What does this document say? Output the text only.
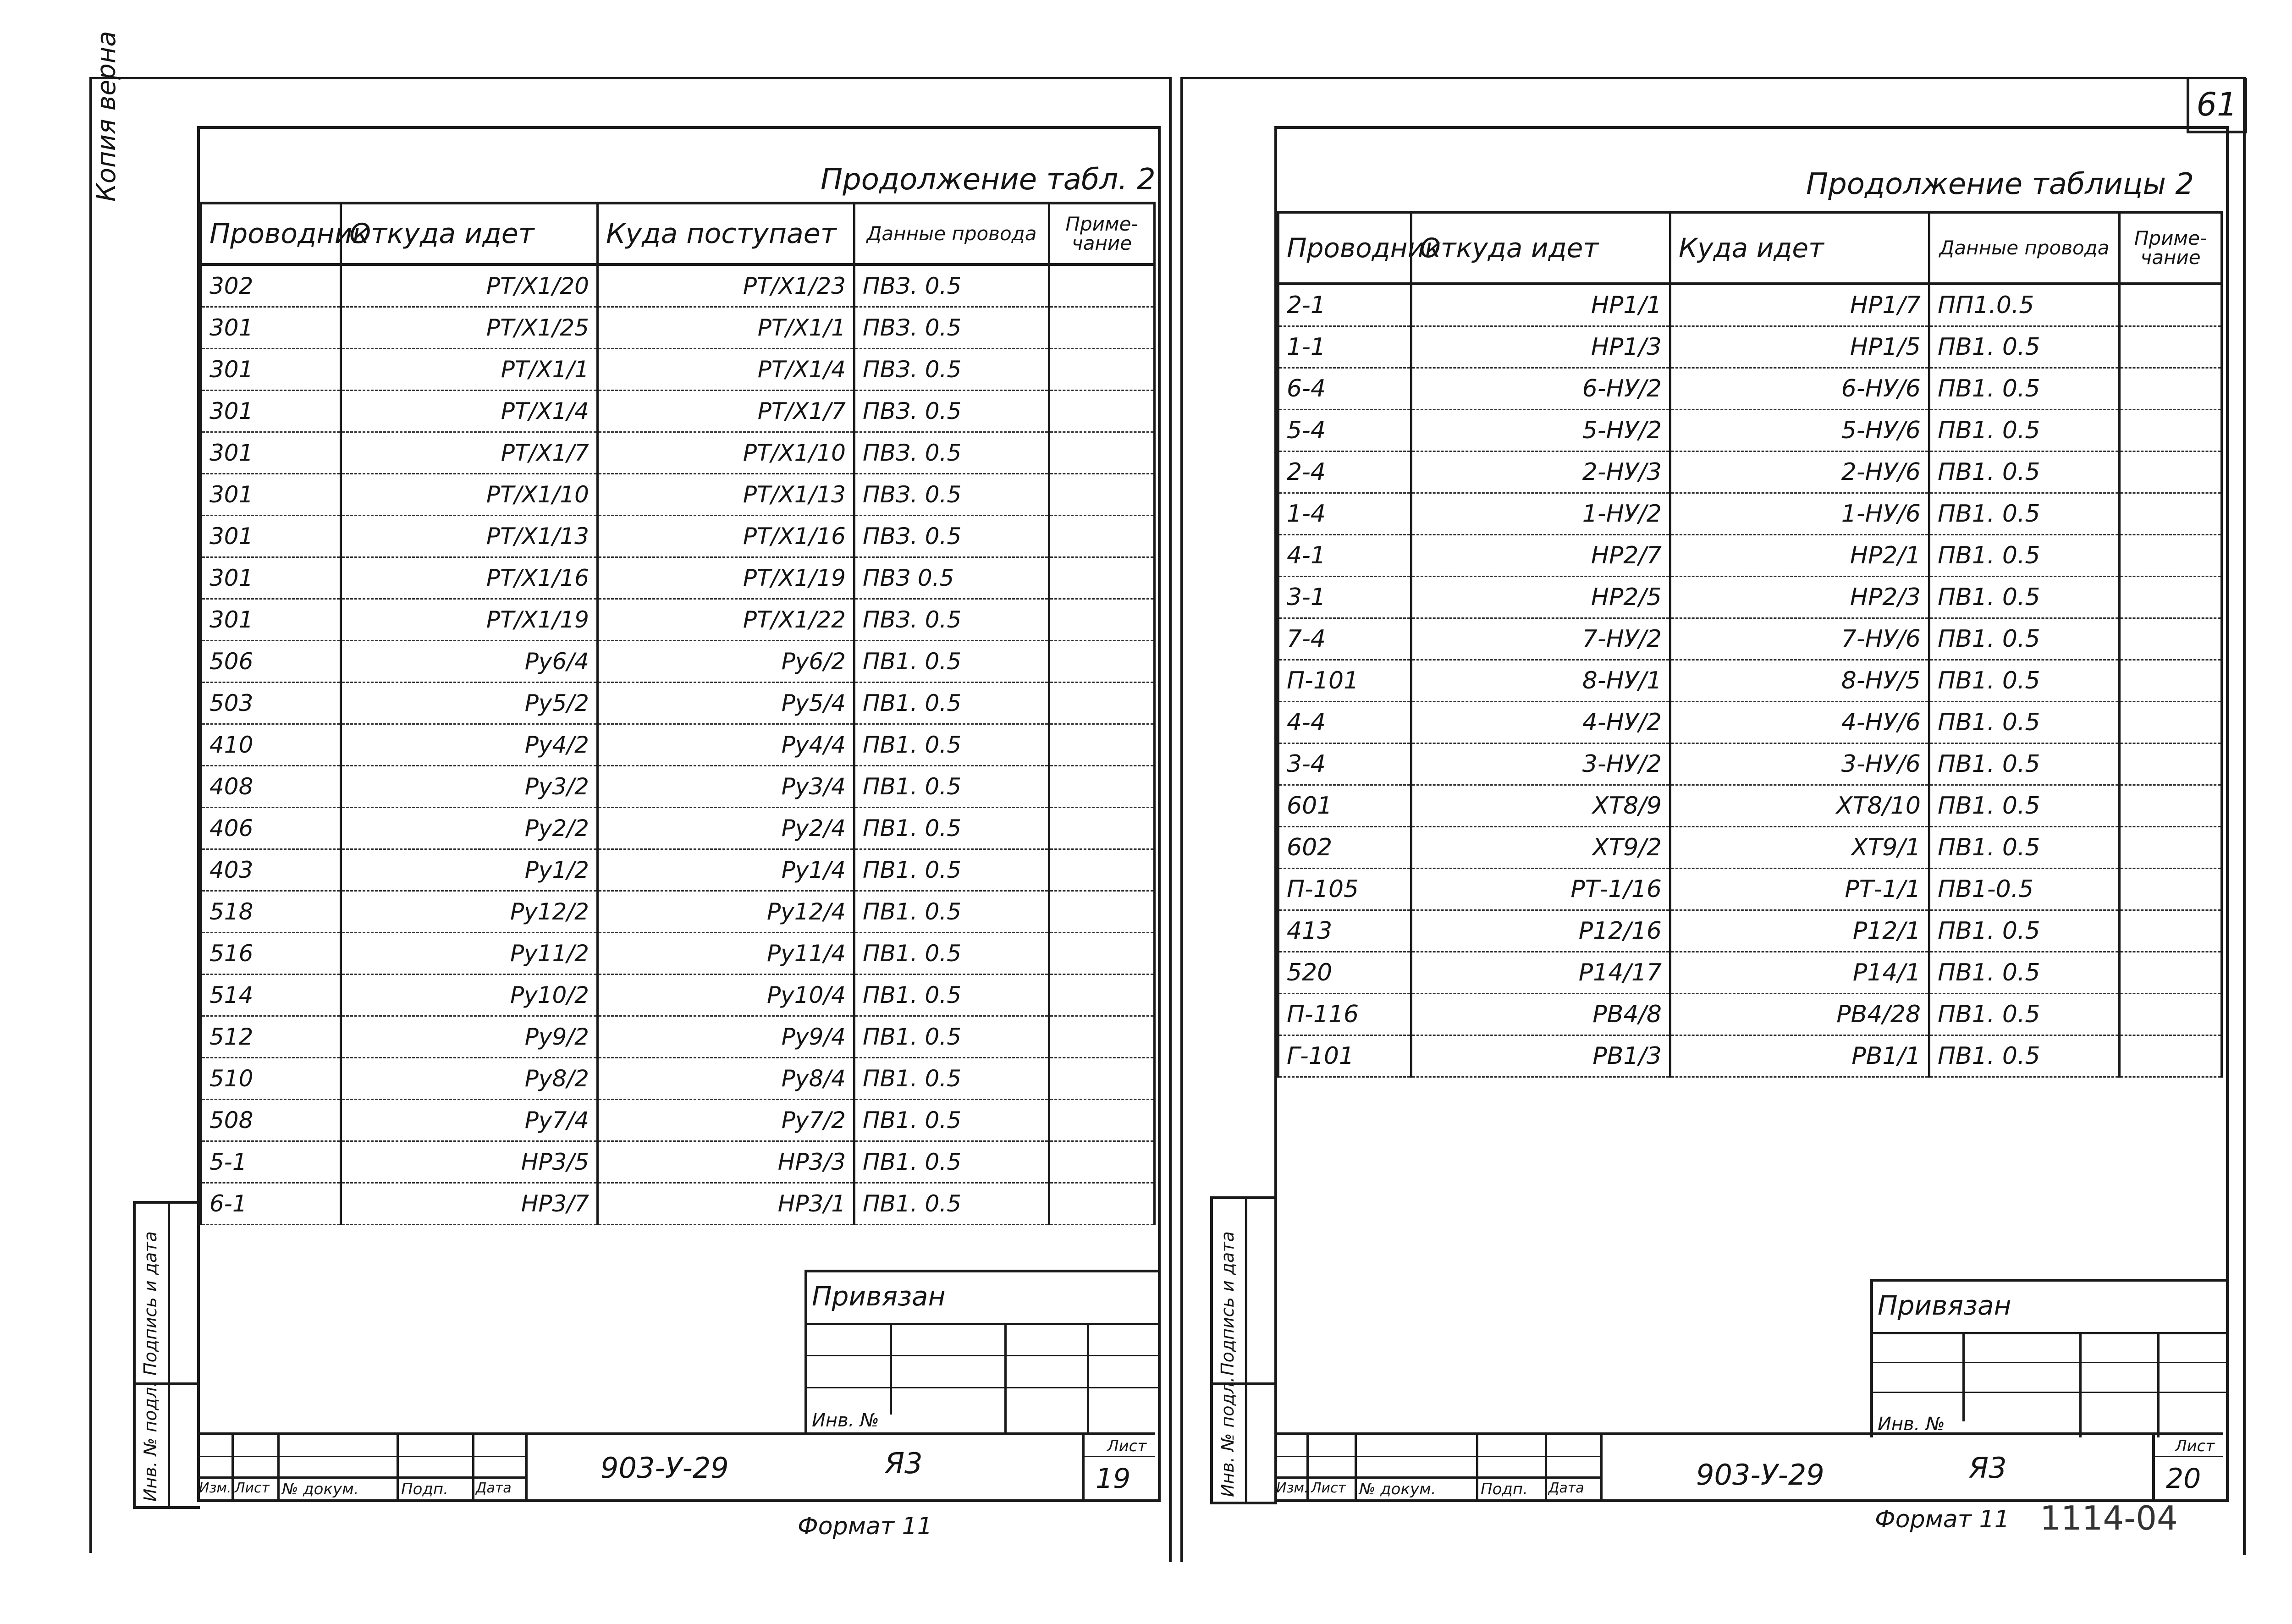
Копия верна	61
Продолжение табл. 2
Проводник	Откуда идет	Куда поступает	Данные провода	Приме-чание
302	РТ/Х1/20	РТ/Х1/23	ПВЗ. 0.5	
301	РТ/Х1/25	РТ/Х1/1	ПВЗ. 0.5	
301	РТ/Х1/1	РТ/Х1/4	ПВЗ. 0.5	
301	РТ/Х1/4	РТ/Х1/7	ПВЗ. 0.5	
301	РТ/Х1/7	РТ/Х1/10	ПВЗ. 0.5	
301	РТ/Х1/10	РТ/Х1/13	ПВЗ. 0.5	
301	РТ/Х1/13	РТ/Х1/16	ПВЗ. 0.5	
301	РТ/Х1/16	РТ/Х1/19	ПВЗ 0.5	
301	РТ/Х1/19	РТ/Х1/22	ПВЗ. 0.5	
506	Ру6/4	Ру6/2	ПВ1. 0.5	
503	Ру5/2	Ру5/4	ПВ1. 0.5	
410	Ру4/2	Ру4/4	ПВ1. 0.5	
408	Ру3/2	Ру3/4	ПВ1. 0.5	
406	Ру2/2	Ру2/4	ПВ1. 0.5	
403	Ру1/2	Ру1/4	ПВ1. 0.5	
518	Ру12/2	Ру12/4	ПВ1. 0.5	
516	Ру11/2	Ру11/4	ПВ1. 0.5	
514	Ру10/2	Ру10/4	ПВ1. 0.5	
512	Ру9/2	Ру9/4	ПВ1. 0.5	
510	Ру8/2	Ру8/4	ПВ1. 0.5	
508	Ру7/4	Ру7/2	ПВ1. 0.5	
5-1	НР3/5	НР3/3	ПВ1. 0.5	
6-1	НР3/7	НР3/1	ПВ1. 0.5	
Привязан
Инв. №
Инв. № подл.
Подпись и дата
Изм. Лист № докум.	Подп. Дата
903-У-29	Я3
Лист
19
Формат 11
Продолжение таблицы 2
Проводник	Откуда идет	Куда идет	Данные провода	Приме-чание
2-1	НР1/1	НР1/7	ПП1.0.5	
1-1	НР1/3	НР1/5	ПВ1. 0.5	
6-4	6-НУ/2	6-НУ/6	ПВ1. 0.5	
5-4	5-НУ/2	5-НУ/6	ПВ1. 0.5	
2-4	2-НУ/3	2-НУ/6	ПВ1. 0.5	
1-4	1-НУ/2	1-НУ/6	ПВ1. 0.5	
4-1	НР2/7	НР2/1	ПВ1. 0.5	
3-1	НР2/5	НР2/3	ПВ1. 0.5	
7-4	7-НУ/2	7-НУ/6	ПВ1. 0.5	
П-101	8-НУ/1	8-НУ/5	ПВ1. 0.5	
4-4	4-НУ/2	4-НУ/6	ПВ1. 0.5	
3-4	3-НУ/2	3-НУ/6	ПВ1. 0.5	
601	ХТ8/9	ХТ8/10	ПВ1. 0.5	
602	ХТ9/2	ХТ9/1	ПВ1. 0.5	
П-105	РТ-1/16	РТ-1/1	ПВ1-0.5	
413	Р12/16	Р12/1	ПВ1. 0.5	
520	Р14/17	Р14/1	ПВ1. 0.5	
П-116	РВ4/8	РВ4/28	ПВ1. 0.5	
Г-101	РВ1/3	РВ1/1	ПВ1. 0.5	
Привязан
Инв. №
Инв. № подл.
Подпись и дата
Изм. Лист № докум.	Подп. Дата	903-У-29	Я3
Лист
20
Формат 11 1114-04
